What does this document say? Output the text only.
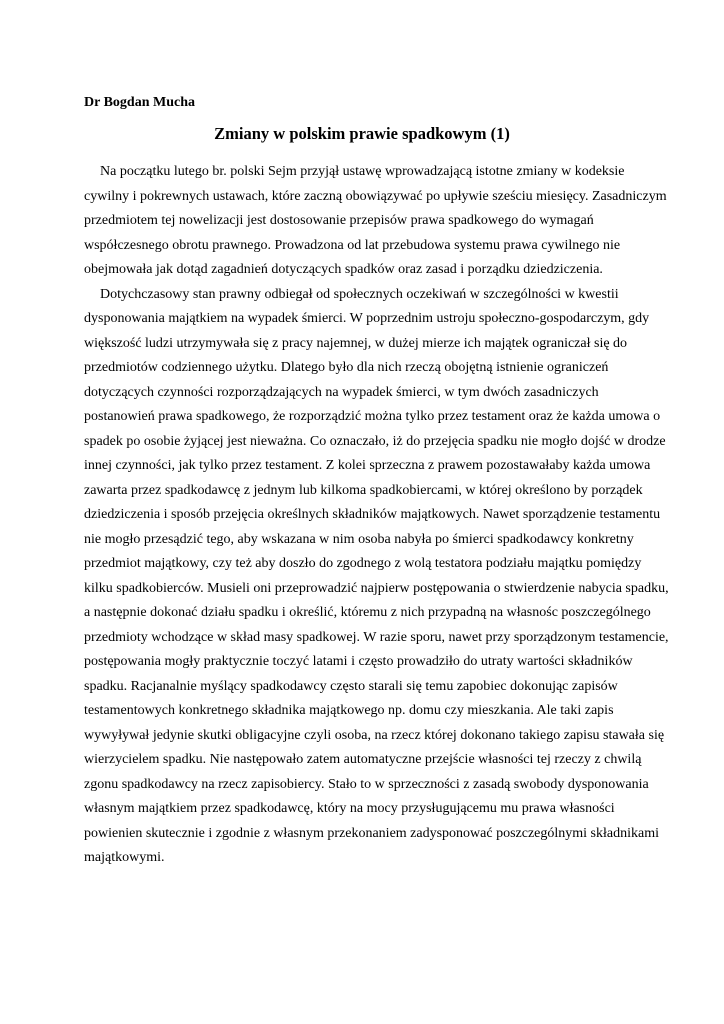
Dr Bogdan Mucha
Zmiany w polskim prawie spadkowym (1)
Na początku lutego br. polski Sejm przyjął ustawę wprowadzającą istotne zmiany w kodeksie
cywilny i pokrewnych ustawach, które zaczną obowiązywać po upływie sześciu miesięcy. Zasadniczym
przedmiotem tej nowelizacji jest dostosowanie przepisów prawa spadkowego do wymagań
współczesnego obrotu prawnego. Prowadzona od lat przebudowa systemu prawa cywilnego nie
obejmowała jak dotąd zagadnień dotyczących spadków oraz zasad i porządku dziedziczenia.
Dotychczasowy stan prawny odbiegał od społecznych oczekiwań w szczególności w kwestii
dysponowania majątkiem na wypadek śmierci. W poprzednim ustroju społeczno-gospodarczym, gdy
większość ludzi utrzymywała się z pracy najemnej, w dużej mierze ich majątek ograniczał się do
przedmiotów codziennego użytku. Dlatego było dla nich rzeczą obojętną istnienie ograniczeń
dotyczących czynności rozporządzających na wypadek śmierci, w tym dwóch zasadniczych
postanowień prawa spadkowego, że rozporządzić można tylko przez testament oraz że każda umowa o
spadek po osobie żyjącej jest nieważna. Co oznaczało, iż do przejęcia spadku nie mogło dojść w drodze
innej czynności, jak tylko przez testament. Z kolei sprzeczna z prawem pozostawałaby każda umowa
zawarta przez spadkodawcę z jednym lub kilkoma spadkobiercami, w której określono by porządek
dziedziczenia i sposób przejęcia określnych składników majątkowych. Nawet sporządzenie testamentu
nie mogło przesądzić tego, aby wskazana w nim osoba nabyła po śmierci spadkodawcy konkretny
przedmiot majątkowy, czy też aby doszło do zgodnego z wolą testatora podziału majątku pomiędzy
kilku spadkobierców. Musieli oni przeprowadzić najpierw postępowania o stwierdzenie nabycia spadku,
a następnie dokonać działu spadku i określić, któremu z nich przypadną na własnośc poszczególnego
przedmioty wchodzące w skład masy spadkowej. W razie sporu, nawet przy sporządzonym testamencie,
postępowania mogły praktycznie toczyć latami i często prowadziło do utraty wartości składników
spadku. Racjanalnie myślący spadkodawcy często starali się temu zapobiec dokonując zapisów
testamentowych konkretnego składnika majątkowego np. domu czy mieszkania. Ale taki zapis
wywyływał jedynie skutki obligacyjne czyli osoba, na rzecz której dokonano takiego zapisu stawała się
wierzycielem spadku. Nie następowało zatem automatyczne przejście własności tej rzeczy z chwilą
zgonu spadkodawcy na rzecz zapisobiercy. Stało to w sprzeczności z zasadą swobody dysponowania
własnym majątkiem przez spadkodawcę, który na mocy przysługującemu mu prawa własności
powienien skutecznie i zgodnie z własnym przekonaniem zadysponować poszczególnymi składnikami
majątkowymi.
